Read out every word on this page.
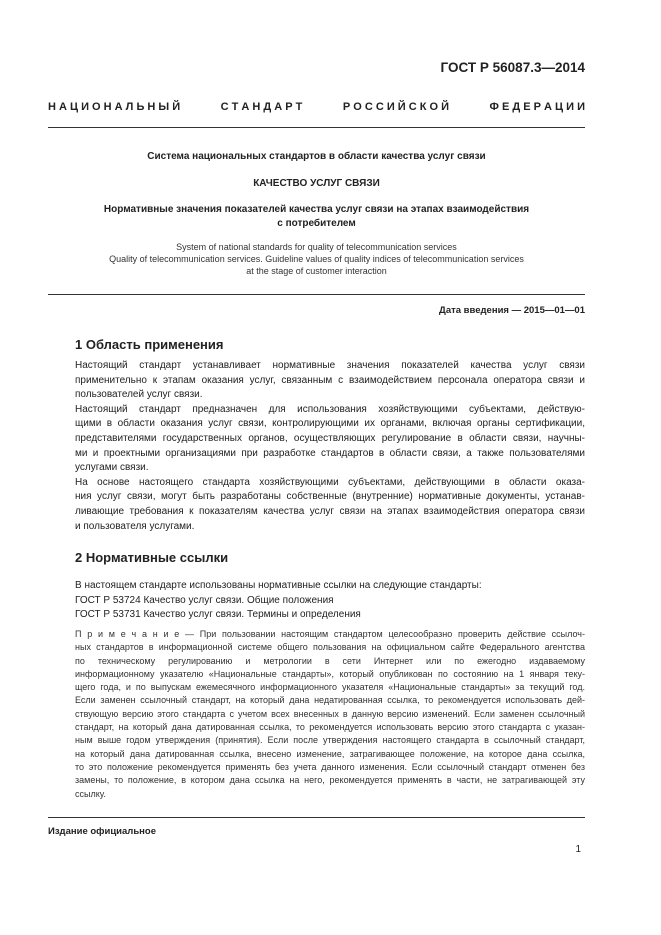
ГОСТ Р 56087.3—2014
Н А Ц И О Н А Л Ь Н Ы Й	С Т А Н Д А Р Т	Р О С С И Й С К О Й	Ф Е Д Е Р А Ц И И
Система национальных стандартов в области качества услуг связи
КАЧЕСТВО УСЛУГ СВЯЗИ
Нормативные значения показателей качества услуг связи на этапах взаимодействия
с потребителем
System of national standards for quality of telecommunication services
Quality of telecommunication services. Guideline values of quality indices of telecommunication services
at the stage of customer interaction
Дата введения — 2015—01—01
1 Область применения
Настоящий стандарт устанавливает нормативные значения показателей качества услуг связи
применительно к этапам оказания услуг, связанным с взаимодействием персонала оператора связи и
пользователей услуг связи.
Настоящий стандарт предназначен для использования хозяйствующими субъектами, действую-
щими в области оказания услуг связи, контролирующими их органами, включая органы сертификации,
представителями государственных органов, осуществляющих регулирование в области связи, научны-
ми и проектными организациями при разработке стандартов в области связи, а также пользователями
услугами связи.
На основе настоящего стандарта хозяйствующими субъектами, действующими в области оказа-
ния услуг связи, могут быть разработаны собственные (внутренние) нормативные документы, устанав-
ливающие требования к показателям качества услуг связи на этапах взаимодействия оператора связи
и пользователя услугами.
2 Нормативные ссылки
В настоящем стандарте использованы нормативные ссылки на следующие стандарты:
ГОСТ Р 53724 Качество услуг связи. Общие положения
ГОСТ Р 53731 Качество услуг связи. Термины и определения
П р и м е ч а н и е — При пользовании настоящим стандартом целесообразно проверить действие ссылоч-
ных стандартов в информационной системе общего пользования на официальном сайте Федерального агентства
по техническому регулированию и метрологии в сети Интернет или по ежегодно издаваемому
информационному указателю «Национальные стандарты», который опубликован по состоянию на 1 января теку-
щего года, и по выпускам ежемесячного информационного указателя «Национальные стандарты» за текущий год.
Если заменен ссылочный стандарт, на который дана недатированная ссылка, то рекомендуется использовать дей-
ствующую версию этого стандарта с учетом всех внесенных в данную версию изменений. Если заменен ссылочный
стандарт, на который дана датированная ссылка, то рекомендуется использовать версию этого стандарта с указан-
ным выше годом утверждения (принятия). Если после утверждения настоящего стандарта в ссылочный стандарт,
на который дана датированная ссылка, внесено изменение, затрагивающее положение, на которое дана ссылка,
то это положение рекомендуется применять без учета данного изменения. Если ссылочный стандарт отменен без
замены, то положение, в котором дана ссылка на него, рекомендуется применять в части, не затрагивающей эту
ссылку.
Издание официальное
1
